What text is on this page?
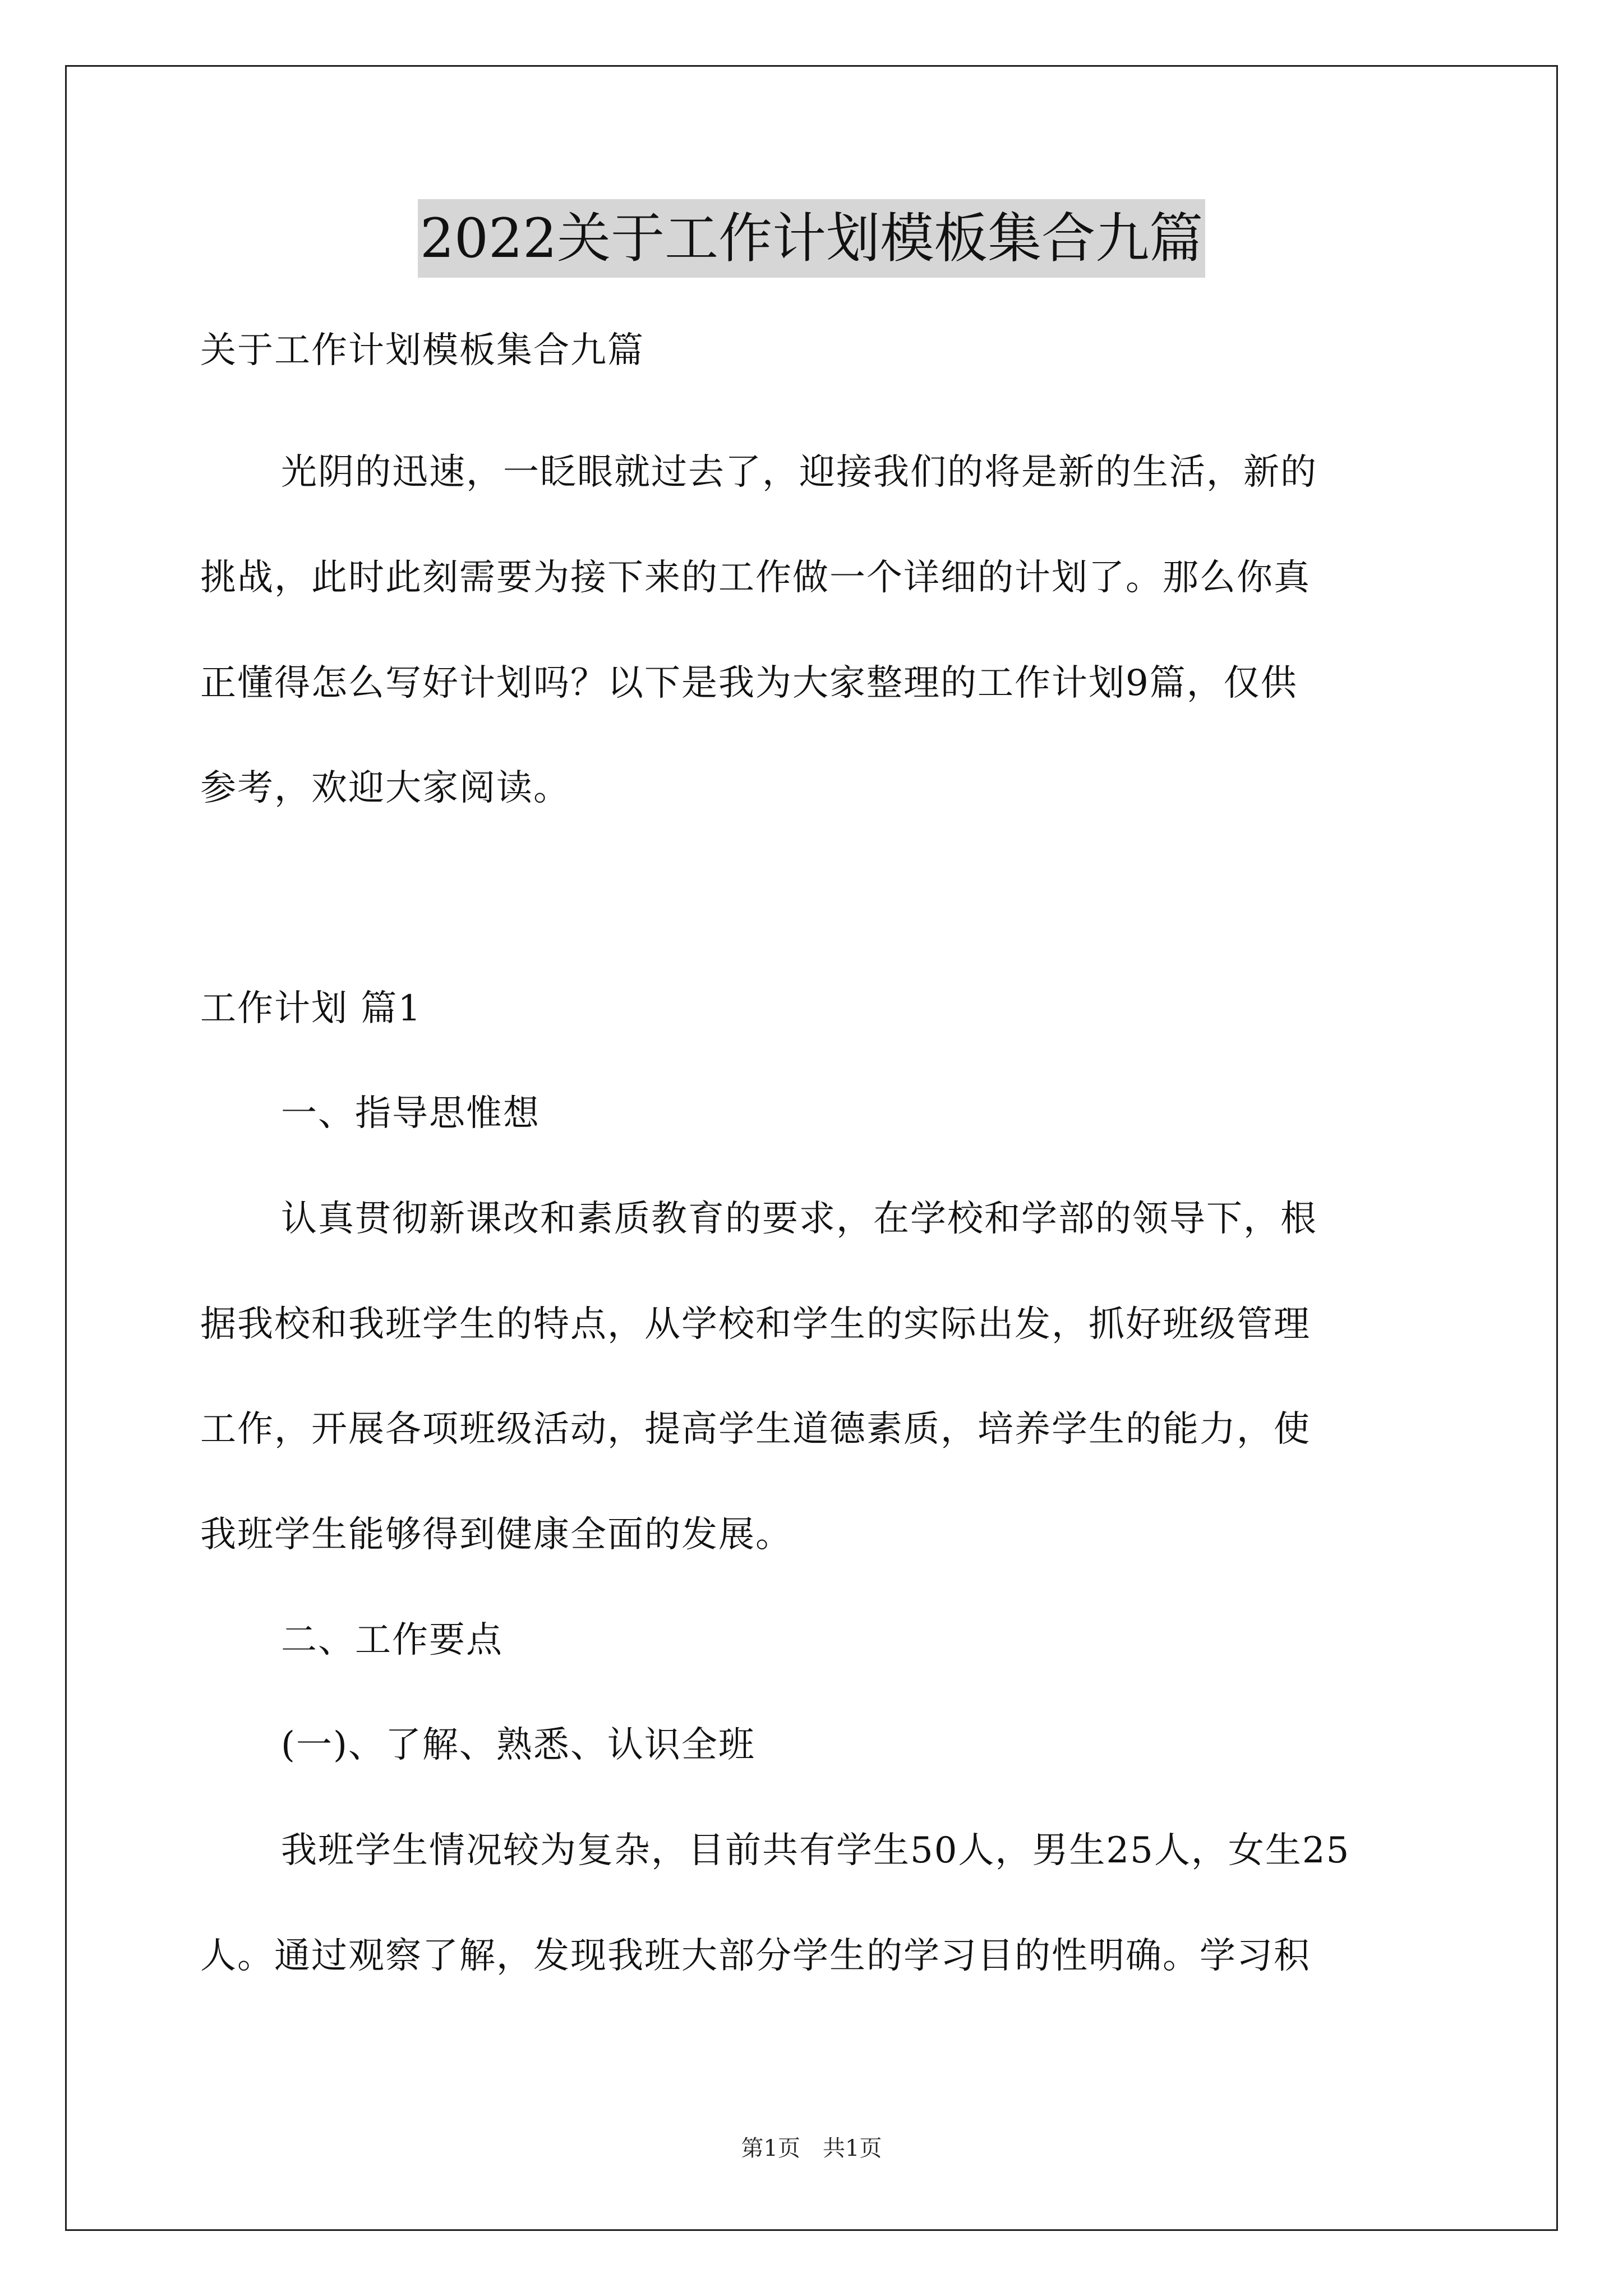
2022关于工作计划模板集合九篇

关于工作计划模板集合九篇

光阴的迅速，一眨眼就过去了，迎接我们的将是新的生活，新的

挑战，此时此刻需要为接下来的工作做一个详细的计划了。那么你真

正懂得怎么写好计划吗？以下是我为大家整理的工作计划9篇，仅供

参考，欢迎大家阅读。

工作计划 篇1

一、指导思惟想

认真贯彻新课改和素质教育的要求，在学校和学部的领导下，根

据我校和我班学生的特点，从学校和学生的实际出发，抓好班级管理

工作，开展各项班级活动，提高学生道德素质，培养学生的能力，使

我班学生能够得到健康全面的发展。

二、工作要点

(一)、了解、熟悉、认识全班

我班学生情况较为复杂，目前共有学生50人，男生25人，女生25

人。通过观察了解，发现我班大部分学生的学习目的性明确。学习积

第1页　共1页
